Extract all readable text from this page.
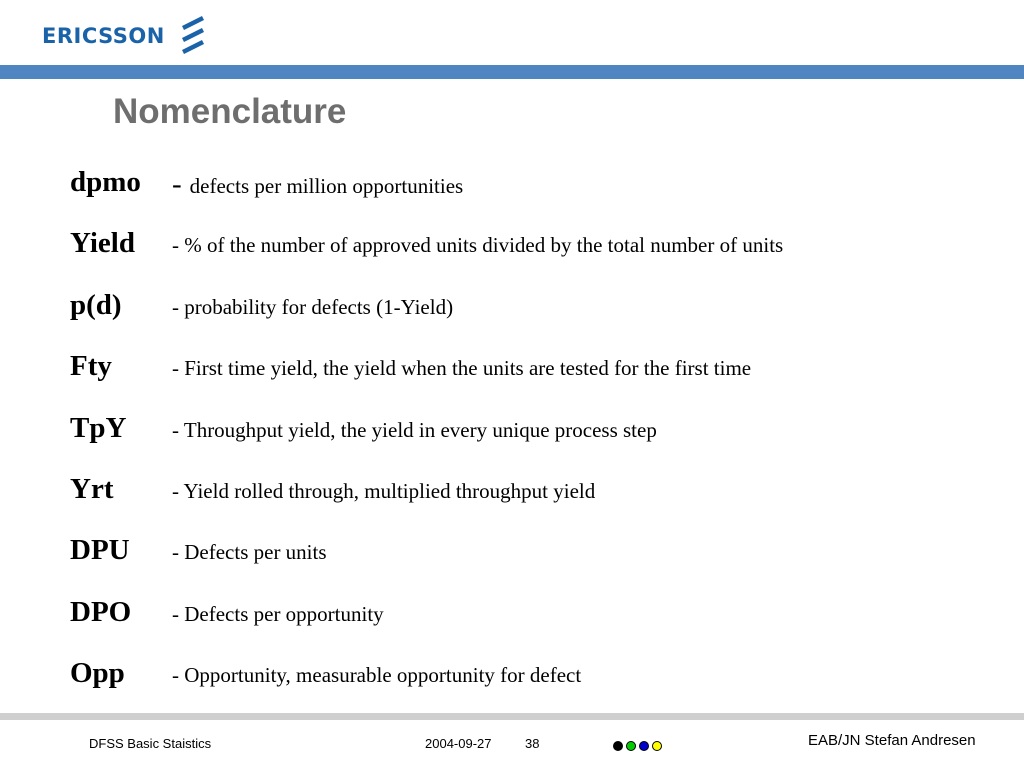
ERICSSON
Nomenclature
dpmo - defects per million opportunities
Yield - % of the number of approved units divided by the total number of units
p(d) - probability for defects (1-Yield)
Fty	- First time yield, the yield when the units are tested for the first time
TpY - Throughput yield, the yield in every unique process step
Yrt	- Yield rolled through, multiplied throughput yield
DPU - Defects per units
DPO - Defects per opportunity
Opp - Opportunity, measurable opportunity for defect
DFSS Basic Staistics	2004-09-27	38	EAB/JN Stefan Andresen
